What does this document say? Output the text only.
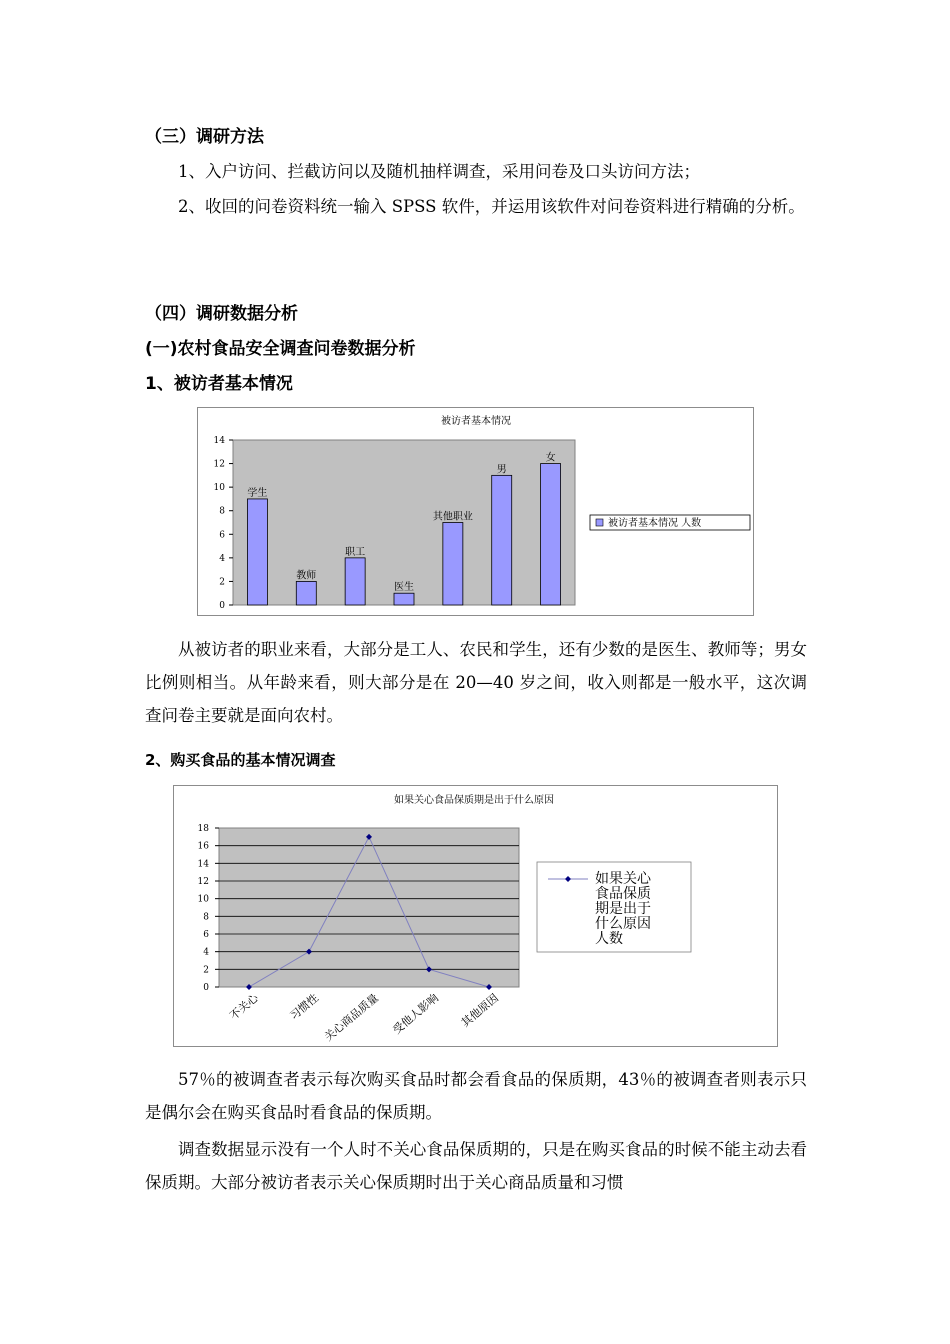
（三）调研方法
1、入户访问、拦截访问以及随机抽样调查，采用问卷及口头访问方法；
2、收回的问卷资料统一输入 SPSS 软件，并运用该软件对问卷资料进行精确的分析。
（四）调研数据分析
(一)农村食品安全调查问卷数据分析
1、被访者基本情况
被访者基本情况
0
2
4
6
8
10
12
14
学生
教师
职工
医生
其他职业
男
女
被访者基本情况 人数
从被访者的职业来看，大部分是工人、农民和学生，还有少数的是医生、教师等；男女比例则相当。从年龄来看，则大部分是在 20—40 岁之间，收入则都是一般水平，这次调查问卷主要就是面向农村。
2、购买食品的基本情况调查
如果关心食品保质期是出于什么原因
0
2
4
6
8
10
12
14
16
18
不关心 习惯性 关心商品质量 受他人影响 其他原因
如果关心
食品保质
期是出于
什么原因
人数
57％的被调查者表示每次购买食品时都会看食品的保质期，43％的被调查者则表示只是偶尔会在购买食品时看食品的保质期。
调查数据显示没有一个人时不关心食品保质期的，只是在购买食品的时候不能主动去看保质期。大部分被访者表示关心保质期时出于关心商品质量和习惯
